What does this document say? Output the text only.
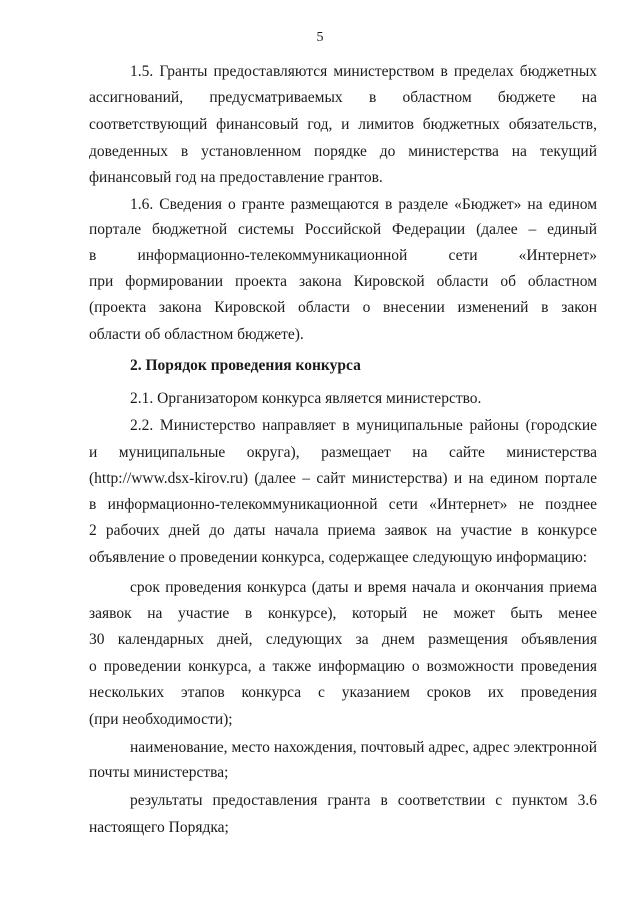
5
1.5. Гранты предоставляются министерством в пределах бюджетных
ассигнований, предусматриваемых в областном бюджете на
соответствующий финансовый год, и лимитов бюджетных обязательств,
доведенных в установленном порядке до министерства на текущий
финансовый год на предоставление грантов.
1.6. Сведения о гранте размещаются в разделе «Бюджет» на едином
портале бюджетной системы Российской Федерации (далее – единый
в информационно-телекоммуникационной сети «Интернет»
при формировании проекта закона Кировской области об областном
(проекта закона Кировской области о внесении изменений в закон
области об областном бюджете).
2. Порядок проведения конкурса
2.1. Организатором конкурса является министерство.
2.2. Министерство направляет в муниципальные районы (городские
и муниципальные округа), размещает на сайте министерства
(http://www.dsx-kirov.ru) (далее – сайт министерства) и на едином портале
в информационно-телекоммуникационной сети «Интернет» не позднее
2 рабочих дней до даты начала приема заявок на участие в конкурсе
объявление о проведении конкурса, содержащее следующую информацию:
срок проведения конкурса (даты и время начала и окончания приема
заявок на участие в конкурсе), который не может быть менее
30 календарных дней, следующих за днем размещения объявления
о проведении конкурса, а также информацию о возможности проведения
нескольких этапов конкурса с указанием сроков их проведения
(при необходимости);
наименование, место нахождения, почтовый адрес, адрес электронной
почты министерства;
результаты предоставления гранта в соответствии с пунктом 3.6
настоящего Порядка;
